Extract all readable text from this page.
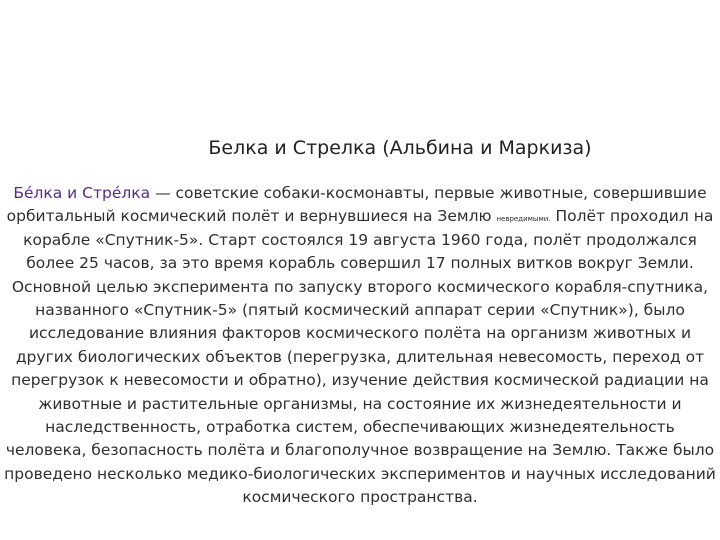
Белка и Стрелка (Альбина и Маркиза)

Бе́лка и Стре́лка — советские собаки-космонавты, первые животные, совершившие орбитальный космический полёт и вернувшиеся на Землю невредимыми. Полёт проходил на корабле «Спутник-5». Старт состоялся 19 августа 1960 года, полёт продолжался более 25 часов, за это время корабль совершил 17 полных витков вокруг Земли.

Основной целью эксперимента по запуску второго космического корабля-спутника, названного «Спутник-5» (пятый космический аппарат серии «Спутник»), было исследование влияния факторов космического полёта на организм животных и других биологических объектов (перегрузка, длительная невесомость, переход от перегрузок к невесомости и обратно), изучение действия космической радиации на животные и растительные организмы, на состояние их жизнедеятельности и наследственность, отработка систем, обеспечивающих жизнедеятельность человека, безопасность полёта и благополучное возвращение на Землю. Также было проведено несколько медико-биологических экспериментов и научных исследований космического пространства.
